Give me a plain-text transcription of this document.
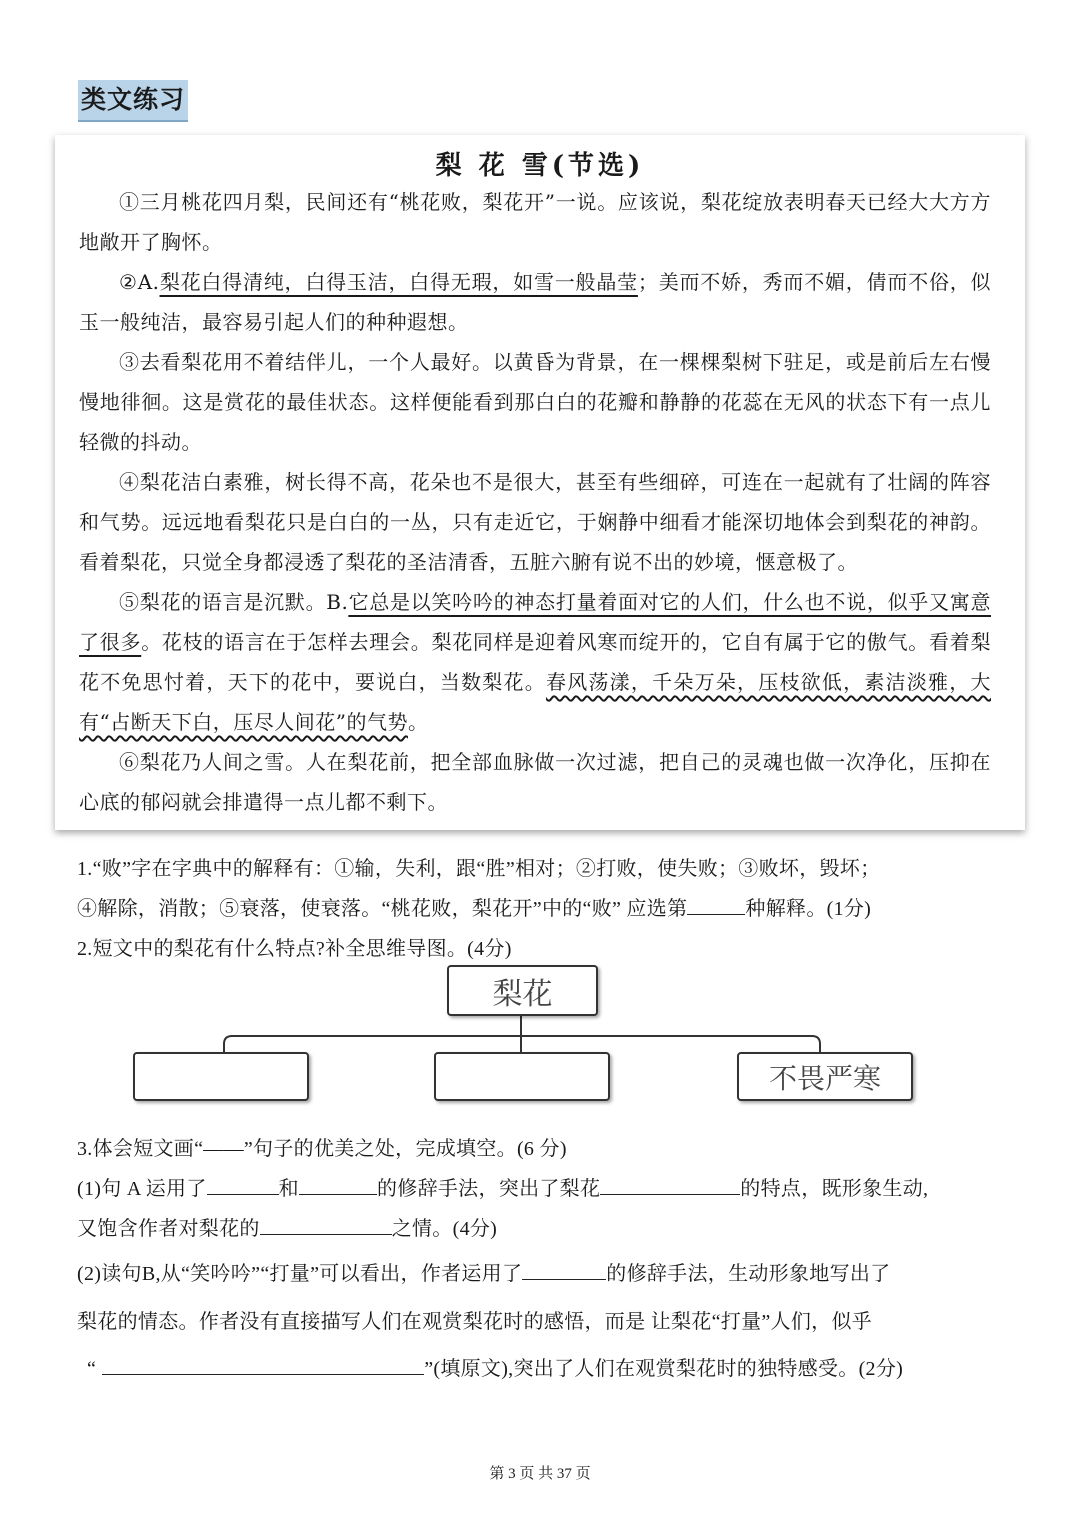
类文练习
梨 花 雪(节选)
①三月桃花四月梨，民间还有“桃花败，梨花开”一说。应该说，梨花绽放表明春天已经大大方方地敞开了胸怀。
②A.梨花白得清纯，白得玉洁，白得无瑕，如雪一般晶莹；美而不娇，秀而不媚，倩而不俗，似玉一般纯洁，最容易引起人们的种种遐想。
③去看梨花用不着结伴儿，一个人最好。以黄昏为背景，在一棵棵梨树下驻足，或是前后左右慢慢地徘徊。这是赏花的最佳状态。这样便能看到那白白的花瓣和静静的花蕊在无风的状态下有一点儿轻微的抖动。
④梨花洁白素雅，树长得不高，花朵也不是很大，甚至有些细碎，可连在一起就有了壮阔的阵容和气势。远远地看梨花只是白白的一丛，只有走近它，于娴静中细看才能深切地体会到梨花的神韵。看着梨花，只觉全身都浸透了梨花的圣洁清香，五脏六腑有说不出的妙境，惬意极了。
⑤梨花的语言是沉默。B.它总是以笑吟吟的神态打量着面对它的人们，什么也不说，似乎又寓意了很多。花枝的语言在于怎样去理会。梨花同样是迎着风寒而绽开的，它自有属于它的傲气。看着梨花不免思忖着，天下的花中，要说白，当数梨花。春风荡漾，千朵万朵，压枝欲低，素洁淡雅，大有“占断天下白，压尽人间花”的气势。
⑥梨花乃人间之雪。人在梨花前，把全部血脉做一次过滤，把自己的灵魂也做一次净化，压抑在心底的郁闷就会排遣得一点儿都不剩下。
1.“败”字在字典中的解释有：①输，失利，跟“胜”相对；②打败，使失败；③败坏，毁坏；
④解除，消散；⑤衰落，使衰落。“桃花败，梨花开”中的“败” 应选第	种解释。(1分)
2.短文中的梨花有什么特点?补全思维导图。(4分)
梨花
不畏严寒
3.体会短文画“——”句子的优美之处，完成填空。(6 分)
(1)句 A 运用了	和	的修辞手法，突出了梨花	的特点，既形象生动,
又饱含作者对梨花的	之情。(4分)
(2)读句B,从“笑吟吟”“打量”可以看出，作者运用了	的修辞手法，生动形象地写出了
梨花的情态。作者没有直接描写人们在观赏梨花时的感悟，而是 让梨花“打量”人们，似乎
“	”(填原文),突出了人们在观赏梨花时的独特感受。(2分)
第 3 页 共 37 页
